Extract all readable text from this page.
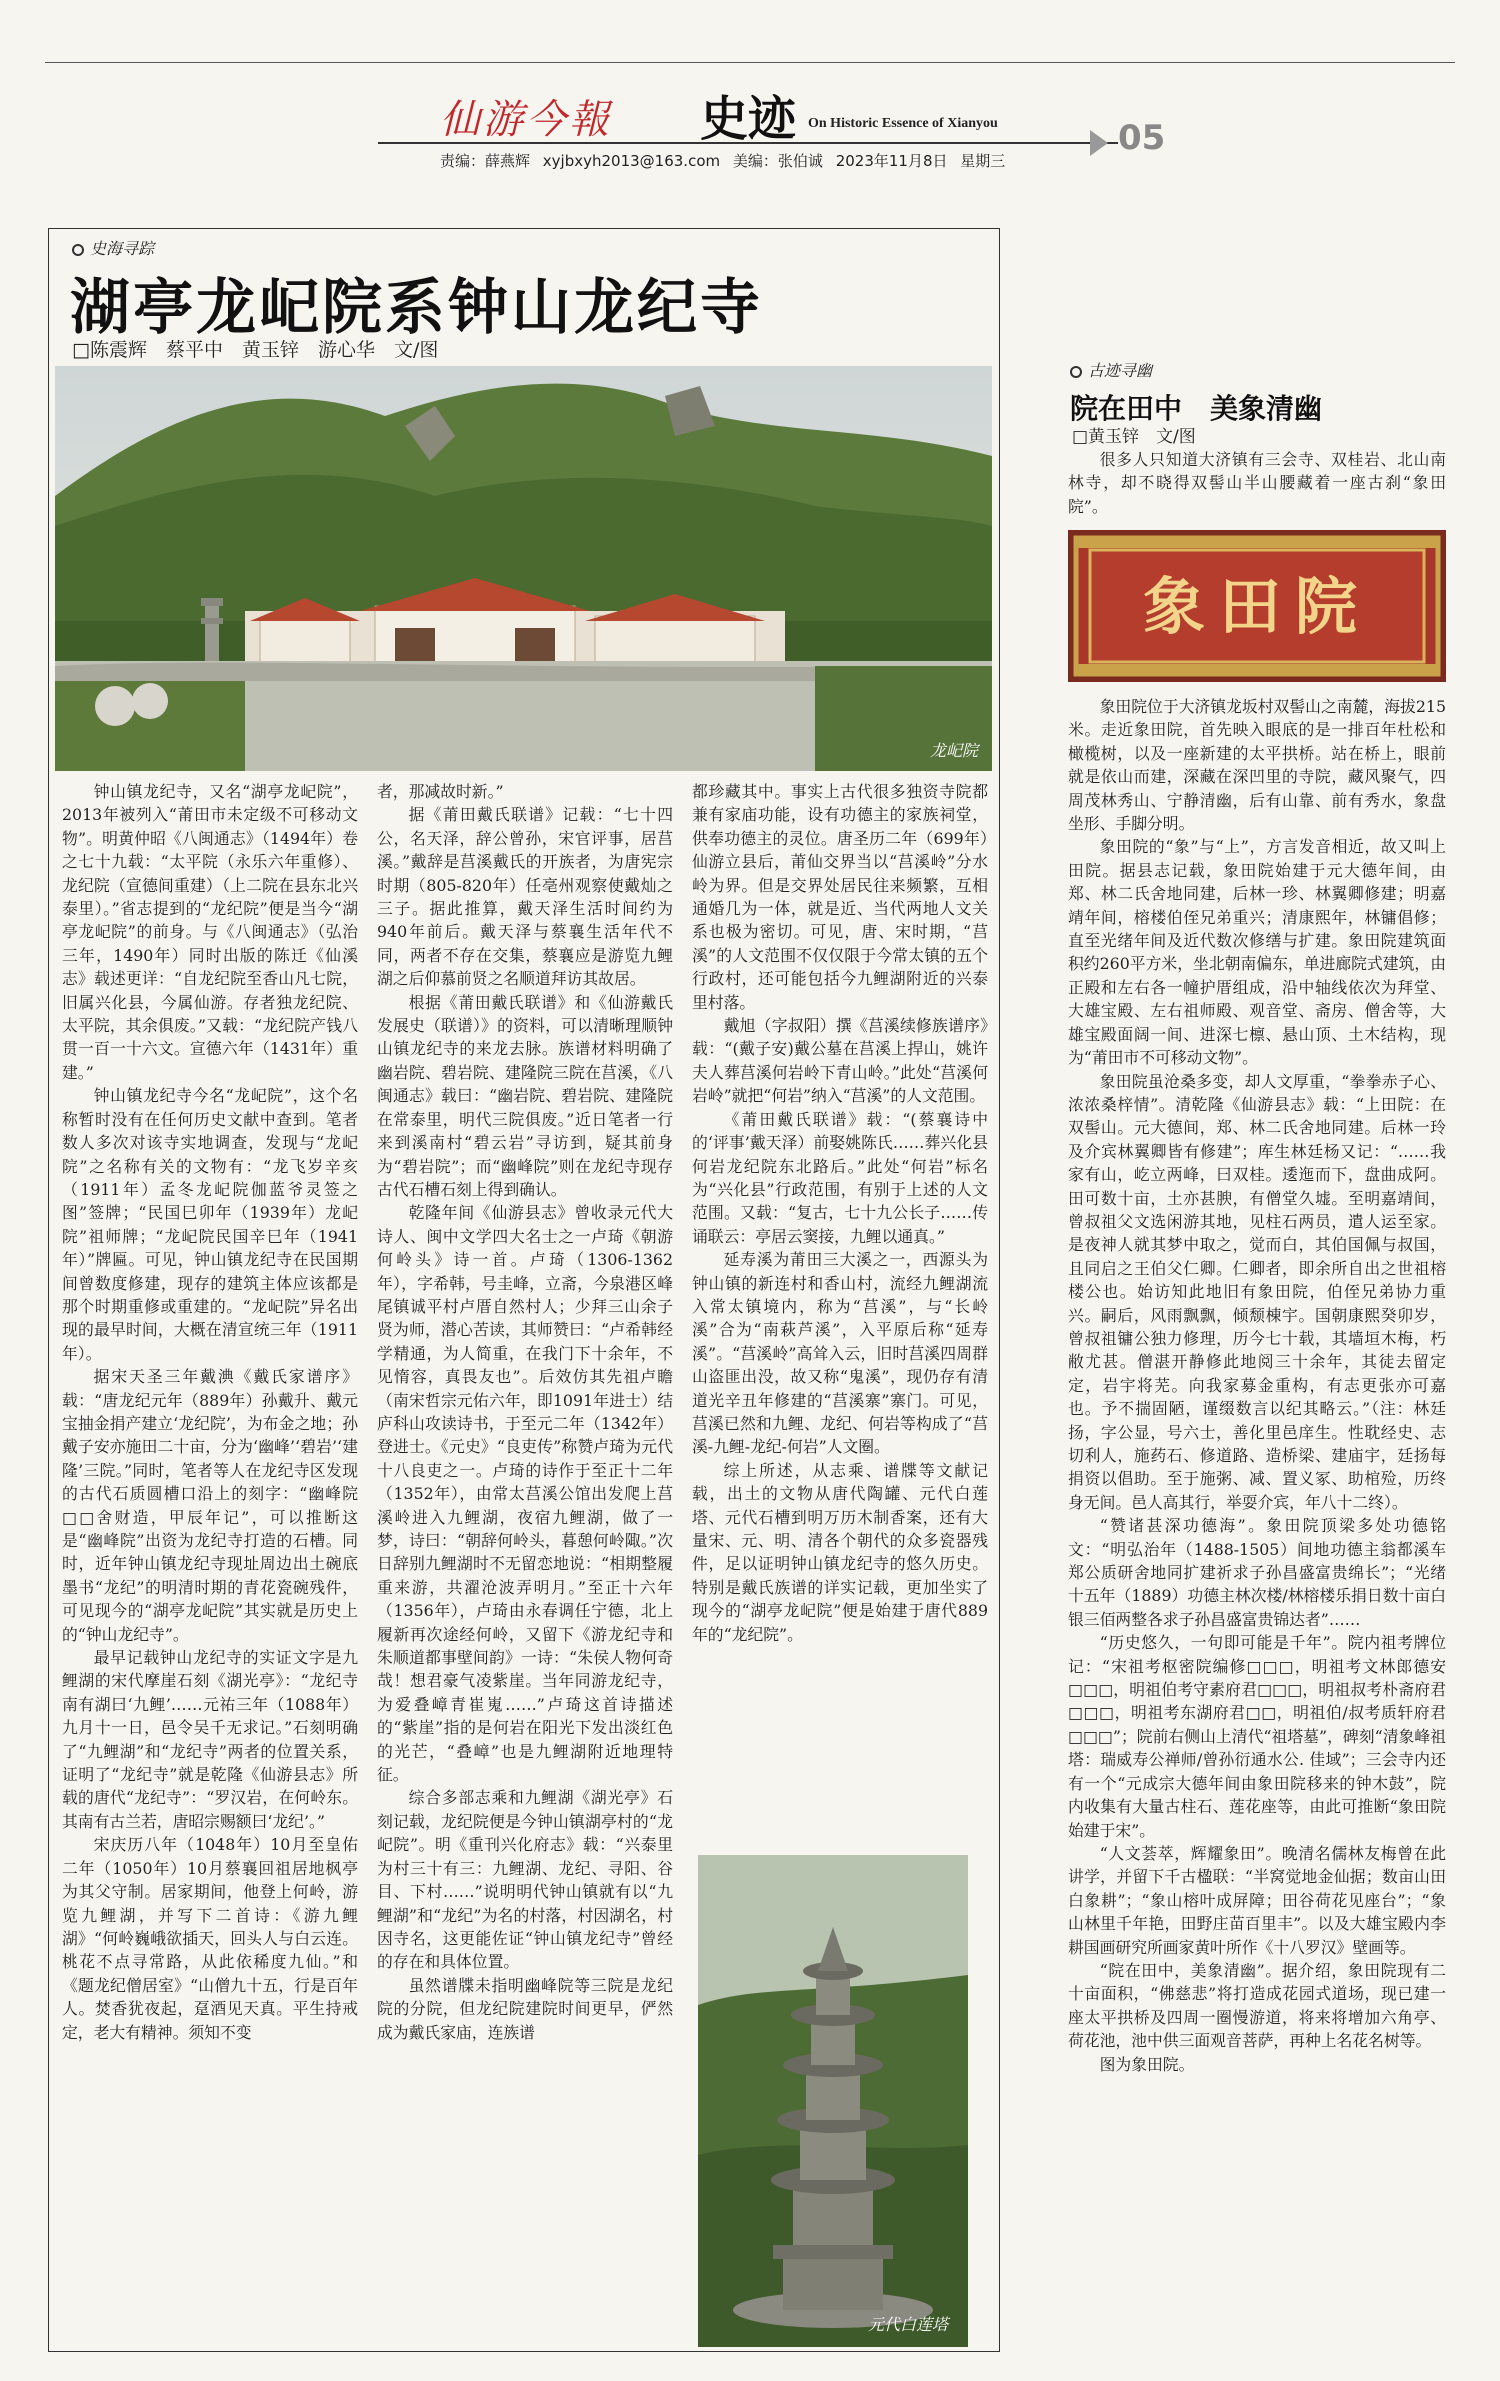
仙游今報 史迹 On Historic Essence of Xianyou	05
责编：薛燕辉 xyjbxyh2013@163.com 美编：张伯诚 2023年11月8日 星期三
史海寻踪
湖亭龙屺院系钟山龙纪寺
□陈震辉　蔡平中　黄玉锌　游心华　文/图
龙屺院

钟山镇龙纪寺，又名“湖亭龙屺院”，2013年被列入“莆田市未定级不可移动文物”。明黄仲昭《八闽通志》（1494年）卷之七十九载：“太平院（永乐六年重修）、龙纪院（宣德间重建）（上二院在县东北兴泰里）。”省志提到的“龙纪院”便是当今“湖亭龙屺院”的前身。与《八闽通志》（弘治三年，1490年）同时出版的陈迁《仙溪志》载述更详：“自龙纪院至香山凡七院，旧属兴化县，今属仙游。存者独龙纪院、太平院，其余俱废。”又载：“龙纪院产钱八贯一百一十六文。宣德六年（1431年）重建。”

钟山镇龙纪寺今名“龙屺院”，这个名称暂时没有在任何历史文献中查到。笔者数人多次对该寺实地调查，发现与“龙屺院”之名称有关的文物有：“龙飞岁辛亥（1911年）孟冬龙屺院伽蓝爷灵签之图”签牌；“民国巳卯年（1939年）龙屺院”祖师牌；“龙屺院民国辛巳年（1941年）”牌匾。可见，钟山镇龙纪寺在民国期间曾数度修建，现存的建筑主体应该都是那个时期重修或重建的。“龙屺院”异名出现的最早时间，大概在清宣统三年（1911年）。

据宋天圣三年戴淟《戴氏家谱序》载：“唐龙纪元年（889年）孙戴升、戴元宝抽金捐产建立‘龙纪院’，为布金之地；孙戴子安亦施田二十亩，分为‘幽峰’‘碧岩’‘建隆’三院。”同时，笔者等人在龙纪寺区发现的古代石质圆槽口沿上的刻字：“幽峰院□□舍财造，甲辰年记”，可以推断这是“幽峰院”出资为龙纪寺打造的石槽。同时，近年钟山镇龙纪寺现址周边出土碗底墨书“龙纪”的明清时期的青花瓷碗残件，可见现今的“湖亭龙屺院”其实就是历史上的“钟山龙纪寺”。

最早记载钟山龙纪寺的实证文字是九鲤湖的宋代摩崖石刻《湖光亭》：“龙纪寺南有湖曰‘九鲤’……元祐三年（1088年）九月十一日，邑令吴千无求记。”石刻明确了“九鲤湖”和“龙纪寺”两者的位置关系，证明了“龙纪寺”就是乾隆《仙游县志》所载的唐代“龙纪寺”：“罗汉岩，在何岭东。其南有古兰若，唐昭宗赐额曰‘龙纪’。”

宋庆历八年（1048年）10月至皇佑二年（1050年）10月蔡襄回祖居地枫亭为其父守制。居家期间，他登上何岭，游览九鲤湖，并写下二首诗：《游九鲤湖》“何岭巍峨欲插天，回头人与白云连。桃花不点寻常路，从此依稀度九仙。”和《题龙纪僧居室》“山僧九十五，行是百年人。焚香犹夜起，趸酒见天真。平生持戒定，老大有精神。须知不变

者，那减故时新。”

据《莆田戴氏联谱》记载：“七十四公，名天泽，辞公曾孙，宋官评事，居莒溪。”戴辞是莒溪戴氏的开族者，为唐宪宗时期（805-820年）任亳州观察使戴灿之三子。据此推算，戴天泽生活时间约为940年前后。戴天泽与蔡襄生活年代不同，两者不存在交集，蔡襄应是游览九鲤湖之后仰慕前贤之名顺道拜访其故居。

根据《莆田戴氏联谱》和《仙游戴氏发展史（联谱）》的资料，可以清晰理顺钟山镇龙纪寺的来龙去脉。族谱材料明确了幽岩院、碧岩院、建隆院三院在莒溪，《八闽通志》载曰：“幽岩院、碧岩院、建隆院在常泰里，明代三院俱废。”近日笔者一行来到溪南村“碧云岩”寻访到，疑其前身为“碧岩院”；而“幽峰院”则在龙纪寺现存古代石槽石刻上得到确认。

乾隆年间《仙游县志》曾收录元代大诗人、闽中文学四大名士之一卢琦《朝游何岭头》诗一首。卢琦（1306-1362年），字希韩，号圭峰，立斋，今泉港区峰尾镇诚平村卢厝自然村人；少拜三山余子贤为师，潜心苦读，其师赞曰：“卢希韩经学精通，为人简重，在我门下十余年，不见惰容，真畏友也”。后效仿其先祖卢瞻（南宋哲宗元佑六年，即1091年进士）结庐科山攻读诗书，于至元二年（1342年）登进士。《元史》“良吏传”称赞卢琦为元代十八良吏之一。卢琦的诗作于至正十二年（1352年），由常太莒溪公馆出发爬上莒溪岭进入九鲤湖，夜宿九鲤湖，做了一梦，诗曰：“朝辞何岭头，暮憩何岭陬。”次日辞别九鲤湖时不无留恋地说：“相期整履重来游，共濯沧波弄明月。”至正十六年（1356年），卢琦由永春调任宁德，北上履新再次途经何岭，又留下《游龙纪寺和朱顺道都事壁间韵》一诗：“朱侯人物何奇哉！想君豪气凌紫崖。当年同游龙纪寺，为爱叠嶂青崔嵬……”卢琦这首诗描述的“紫崖”指的是何岩在阳光下发出淡红色的光芒，“叠嶂”也是九鲤湖附近地理特征。

综合多部志乘和九鲤湖《湖光亭》石刻记载，龙纪院便是今钟山镇湖亭村的“龙屺院”。明《重刊兴化府志》载：“兴泰里为村三十有三：九鲤湖、龙纪、寻阳、谷目、下村……”说明明代钟山镇就有以“九鲤湖”和“龙纪”为名的村落，村因湖名，村因寺名，这更能佐证“钟山镇龙纪寺”曾经的存在和具体位置。

虽然谱牒未指明幽峰院等三院是龙纪院的分院，但龙纪院建院时间更早，俨然成为戴氏家庙，连族谱

都珍藏其中。事实上古代很多独资寺院都兼有家庙功能，设有功德主的家族祠堂，供奉功德主的灵位。唐圣历二年（699年）仙游立县后，莆仙交界当以“莒溪岭”分水岭为界。但是交界处居民往来频繁，互相通婚几为一体，就是近、当代两地人文关系也极为密切。可见，唐、宋时期，“莒溪”的人文范围不仅仅限于今常太镇的五个行政村，还可能包括今九鲤湖附近的兴泰里村落。

戴旭（字叔阳）撰《莒溪续修族谱序》载：“(戴子安)戴公墓在莒溪上捍山，姚许夫人葬莒溪何岩岭下青山岭。”此处“莒溪何岩岭”就把“何岩”纳入“莒溪”的人文范围。

《莆田戴氏联谱》载：“(蔡襄诗中的‘评事’戴天泽）前娶姚陈氏……葬兴化县何岩龙纪院东北路后。”此处“何岩”标名为“兴化县”行政范围，有别于上述的人文范围。又载：“复古，七十九公长子……传诵联云：亭居云窦接，九鲤以通真。”

延寿溪为莆田三大溪之一，西源头为钟山镇的新连村和香山村，流经九鲤湖流入常太镇境内，称为“莒溪”，与“长岭溪”合为“南萩芦溪”，入平原后称“延寿溪”。“莒溪岭”高耸入云，旧时莒溪四周群山盗匪出没，故又称“鬼溪”，现仍存有清道光辛丑年修建的“莒溪寨”寨门。可见，莒溪已然和九鲤、龙纪、何岩等构成了“莒溪-九鲤-龙纪-何岩”人文圈。

综上所述，从志乘、谱牒等文献记载，出土的文物从唐代陶罐、元代白莲塔、元代石槽到明万历木制香案，还有大量宋、元、明、清各个朝代的众多瓷器残件，足以证明钟山镇龙纪寺的悠久历史。特别是戴氏族谱的详实记载，更加坐实了现今的“湖亭龙屺院”便是始建于唐代889年的“龙纪院”。

元代白莲塔
古迹寻幽
院在田中　美象清幽
□黄玉锌　文/图

很多人只知道大济镇有三会寺、双桂岩、北山南林寺，却不晓得双髻山半山腰藏着一座古刹“象田院”。

象田院

象田院位于大济镇龙坂村双髻山之南麓，海拔215米。走近象田院，首先映入眼底的是一排百年杜松和橄榄树，以及一座新建的太平拱桥。站在桥上，眼前就是依山而建，深藏在深凹里的寺院，藏风聚气，四周茂林秀山、宁静清幽，后有山靠、前有秀水，象盘坐形、手脚分明。

象田院的“象”与“上”，方言发音相近，故又叫上田院。据县志记载，象田院始建于元大德年间，由郑、林二氏舍地同建，后林一珍、林翼卿修建；明嘉靖年间，榕楼伯侄兄弟重兴；清康熙年，林镛倡修；直至光绪年间及近代数次修缮与扩建。象田院建筑面积约260平方米，坐北朝南偏东，单进廊院式建筑，由正殿和左右各一幢护厝组成，沿中轴线依次为拜堂、大雄宝殿、左右祖师殿、观音堂、斋房、僧舍等，大雄宝殿面阔一间、进深七檩、悬山顶、土木结构，现为“莆田市不可移动文物”。

象田院虽沧桑多变，却人文厚重，“拳拳赤子心、浓浓桑梓情”。清乾隆《仙游县志》载：“上田院：在双髻山。元大德间，郑、林二氏舍地同建。后林一玲及介宾林翼卿皆有修建”；库生林廷杨又记：“……我家有山，屹立两峰，曰双桂。逶迤而下，盘曲成阿。田可数十亩，土亦甚腴，有僧堂久墟。至明嘉靖间，曾叔祖父文选闲游其地，见柱石两员，遣人运至家。是夜神人就其梦中取之，觉而白，其伯国佩与叔国，且同启之王伯父仁卿。仁卿者，即余所自出之世祖榕楼公也。始访知此地旧有象田院，伯侄兄弟协力重兴。嗣后，风雨飘飘，倾颓棟宇。国朝康熙癸卯岁，曾叔祖镛公独力修理，历今七十载，其墙垣木梅，朽敝尤甚。僧湛开静修此地阅三十余年，其徒去留定定，岩宇将芜。向我家募金重构，有志更张亦可嘉也。予不揣固陋，谨缀数言以纪其略云。”（注：林廷扬，字公显，号六士，善化里邑庠生。性耽经史、志切利人，施药石、修道路、造桥梁、建庙宇，廷扬每捐资以倡助。至于施粥、减、置义冢、助棺殓，历终身无间。邑人高其行，举耍介宾，年八十二终）。

“赞诸甚深功德海”。象田院顶梁多处功德铭文：“明弘治年（1488-1505）间地功德主翁都溪车郑公质研舍地同扩建祈求子孙昌盛富贵绵长”；“光绪十五年（1889）功德主林次楼/林榕楼乐捐日数十亩白银三佰两整各求子孙昌盛富贵锦达者”……

“历史悠久，一句即可能是千年”。院内祖考牌位记：“宋祖考枢密院编修□□□，明祖考文林郎德安□□□，明祖伯考守素府君□□□，明祖叔考朴斋府君□□□，明祖考东湖府君□□，明祖伯/叔考质轩府君□□□”；院前右侧山上清代“祖塔墓”，碑刻“清象峰祖塔：瑞威寿公禅师/曾孙衍通水公. 佳域”；三会寺内还有一个“元成宗大德年间由象田院移来的钟木鼓”，院内收集有大量古柱石、莲花座等，由此可推断“象田院始建于宋”。

“人文荟萃，辉耀象田”。晚清名儒林友梅曾在此讲学，并留下千古楹联：“半窝觉地金仙据；数亩山田白象耕”；“象山榕叶成屏障；田谷荷花见座台”；“象山林里千年艳，田野庄苗百里丰”。以及大雄宝殿内李耕国画研究所画家黄叶所作《十八罗汉》壁画等。

“院在田中，美象清幽”。据介绍，象田院现有二十亩面积，“佛慈悲”将打造成花园式道场，现已建一座太平拱桥及四周一圈慢游道，将来将增加六角亭、荷花池，池中供三面观音菩萨，再种上名花名树等。

图为象田院。
